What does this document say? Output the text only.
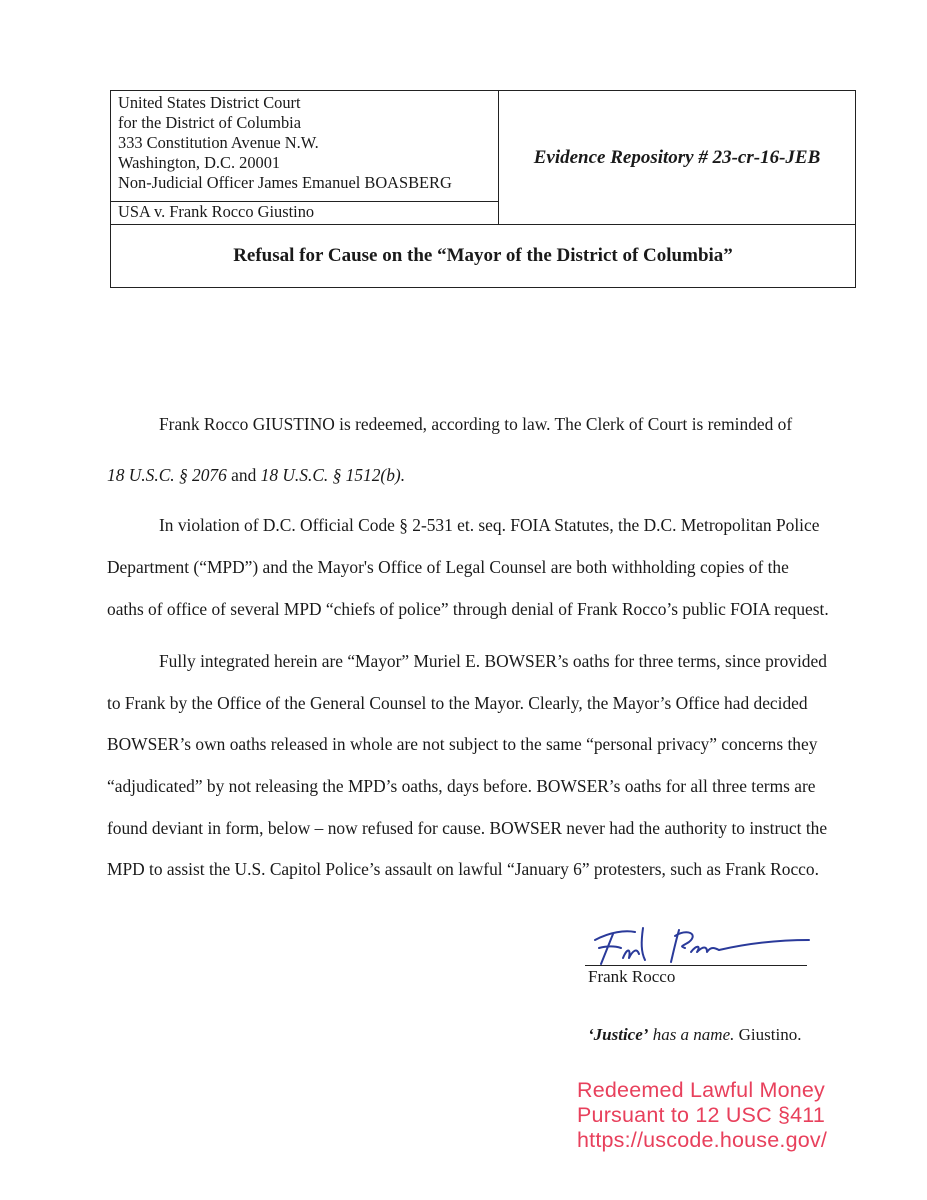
United States District Court
for the District of Columbia
333 Constitution Avenue N.W.
Washington, D.C. 20001
Non-Judicial Officer James Emanuel BOASBERG
USA v. Frank Rocco Giustino
Evidence Repository # 23-cr-16-JEB
Refusal for Cause on the “Mayor of the District of Columbia”
Frank Rocco GIUSTINO is redeemed, according to law. The Clerk of Court is reminded of
18 U.S.C. § 2076 and 18 U.S.C. § 1512(b).
In violation of D.C. Official Code § 2-531 et. seq. FOIA Statutes, the D.C. Metropolitan Police
Department (“MPD”) and the Mayor's Office of Legal Counsel are both withholding copies of the
oaths of office of several MPD “chiefs of police” through denial of Frank Rocco’s public FOIA request.
Fully integrated herein are “Mayor” Muriel E. BOWSER’s oaths for three terms, since provided
to Frank by the Office of the General Counsel to the Mayor. Clearly, the Mayor’s Office had decided
BOWSER’s own oaths released in whole are not subject to the same “personal privacy” concerns they
“adjudicated” by not releasing the MPD’s oaths, days before. BOWSER’s oaths for all three terms are
found deviant in form, below – now refused for cause. BOWSER never had the authority to instruct the
MPD to assist the U.S. Capitol Police’s assault on lawful “January 6” protesters, such as Frank Rocco.
Frank Rocco
‘Justice’ has a name. Giustino.
Redeemed Lawful Money
Pursuant to 12 USC §411
https://uscode.house.gov/
